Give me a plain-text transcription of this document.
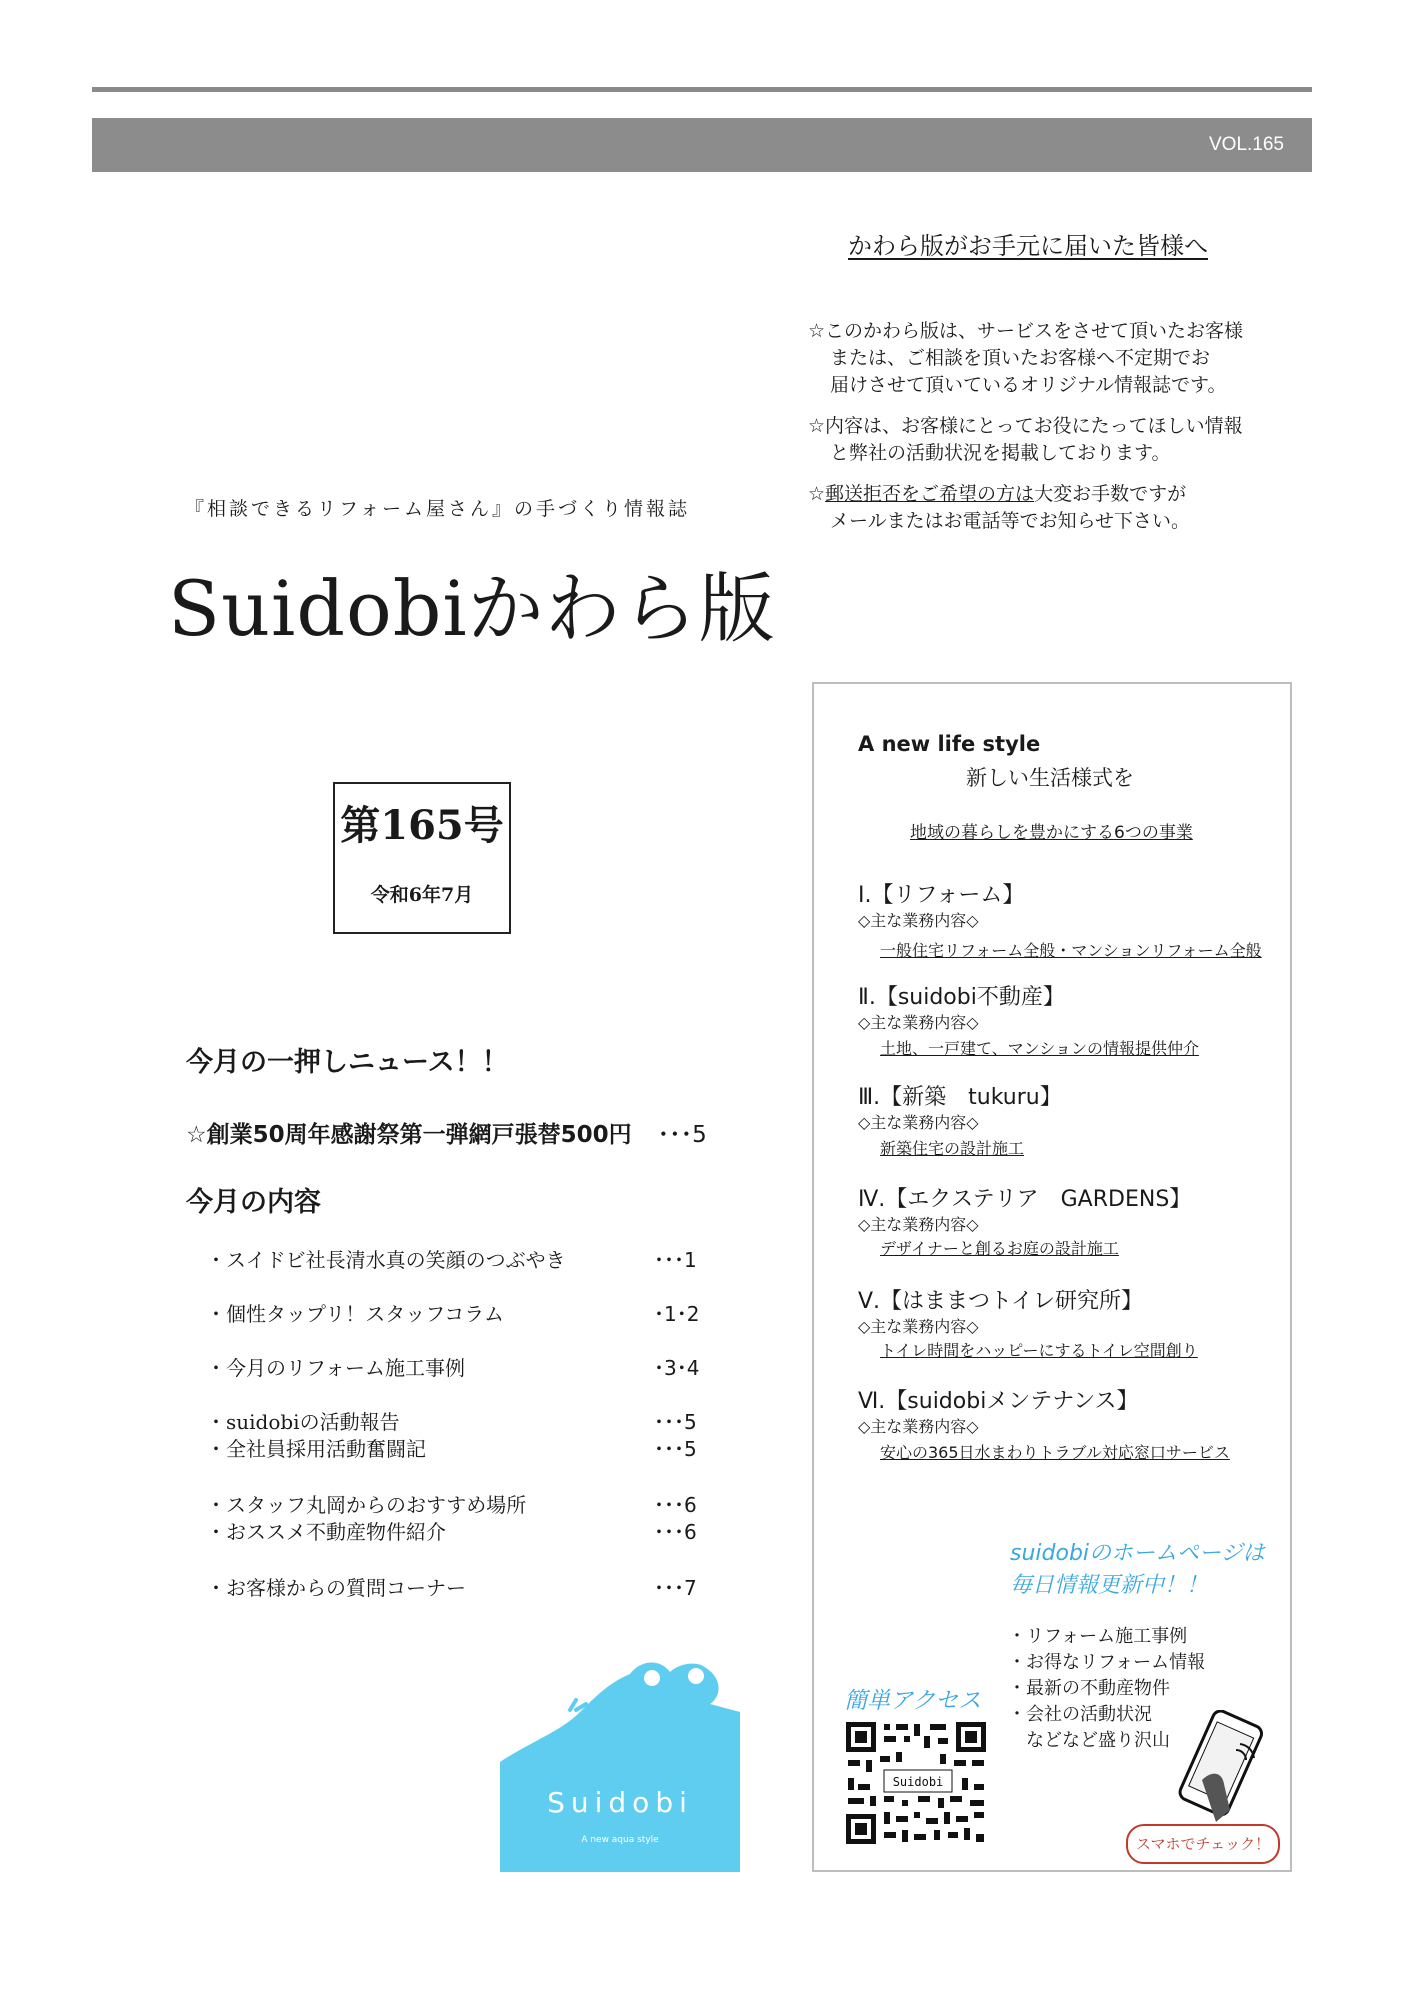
VOL.165
かわら版がお手元に届いた皆様へ

☆このかわら版は、サービスをさせて頂いたお客様
または、ご相談を頂いたお客様へ不定期でお
届けさせて頂いているオリジナル情報誌です。

☆内容は、お客様にとってお役にたってほしい情報
と弊社の活動状況を掲載しております。

☆郵送拒否をご希望の方は大変お手数ですが
メールまたはお電話等でお知らせ下さい。

『相談できるリフォーム屋さん』の手づくり情報誌
Suidobiかわら版
第165号
令和6年7月
今月の一押しニュース！！
☆創業50周年感謝祭第一弾網戸張替500円 ･･･5
今月の内容
・スイドビ社長清水真の笑顔のつぶやき	･･･1
・個性タップリ！スタッフコラム	･1･2
・今月のリフォーム施工事例	･3･4
・suidobiの活動報告	･･･5
・全社員採用活動奮闘記	･･･5
・スタッフ丸岡からのおすすめ場所	･･･6
・おススメ不動産物件紹介	･･･6
・お客様からの質問コーナー	･･･7
Suidobi
A new aqua style
A new life style
新しい生活様式を
地域の暮らしを豊かにする6つの事業
Ⅰ.【リフォーム】
◇主な業務内容◇
一般住宅リフォーム全般・マンションリフォーム全般
Ⅱ.【suidobi不動産】
◇主な業務内容◇
土地、一戸建て、マンションの情報提供仲介
Ⅲ.【新築　tukuru】
◇主な業務内容◇
新築住宅の設計施工
Ⅳ.【エクステリア　GARDENS】
◇主な業務内容◇
デザイナーと創るお庭の設計施工
Ⅴ.【はままつトイレ研究所】
◇主な業務内容◇
トイレ時間をハッピーにするトイレ空間創り
Ⅵ.【suidobiメンテナンス】
◇主な業務内容◇
安心の365日水まわりトラブル対応窓口サービス
suidobiのホームページは
毎日情報更新中！！
・リフォーム施工事例
・お得なリフォーム情報
・最新の不動産物件
・会社の活動状況
　などなど盛り沢山
簡単アクセス
Suidobi
スマホでチェック！
